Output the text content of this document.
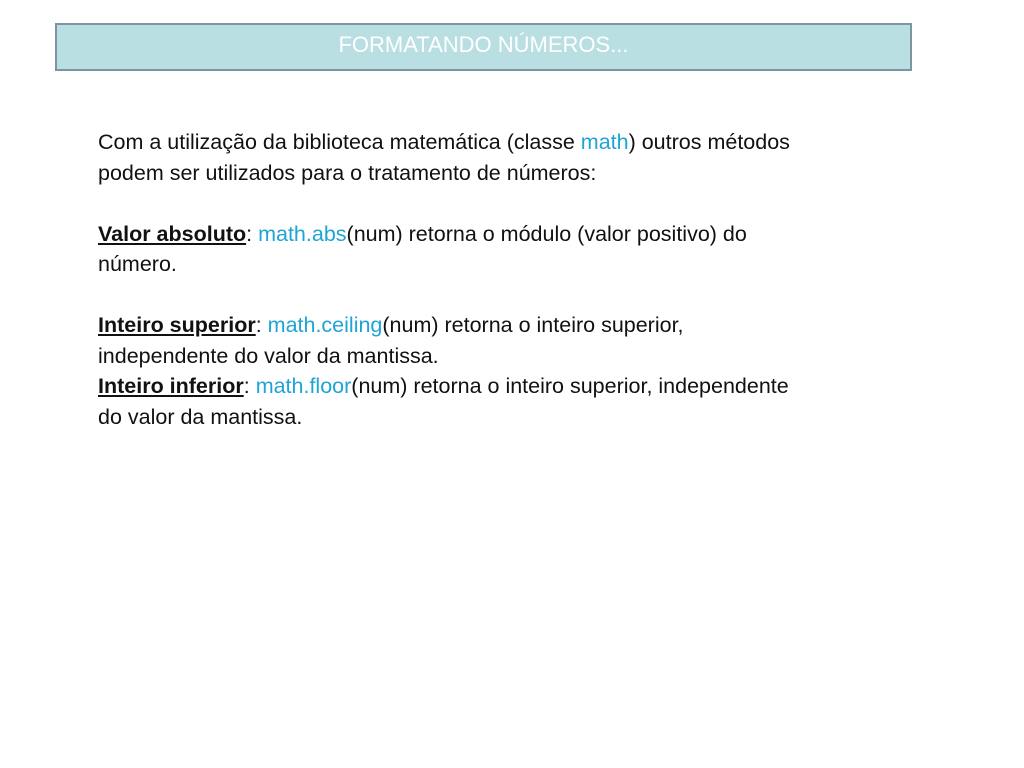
FORMATANDO NÚMEROS...

Com a utilização da biblioteca matemática (classe math) outros métodos podem ser utilizados para o tratamento de números:

Valor absoluto: math.abs(num) retorna o módulo (valor positivo) do número.

Inteiro superior: math.ceiling(num) retorna o inteiro superior, independente do valor da mantissa.

Inteiro inferior: math.floor(num) retorna o inteiro superior, independente do valor da mantissa.
